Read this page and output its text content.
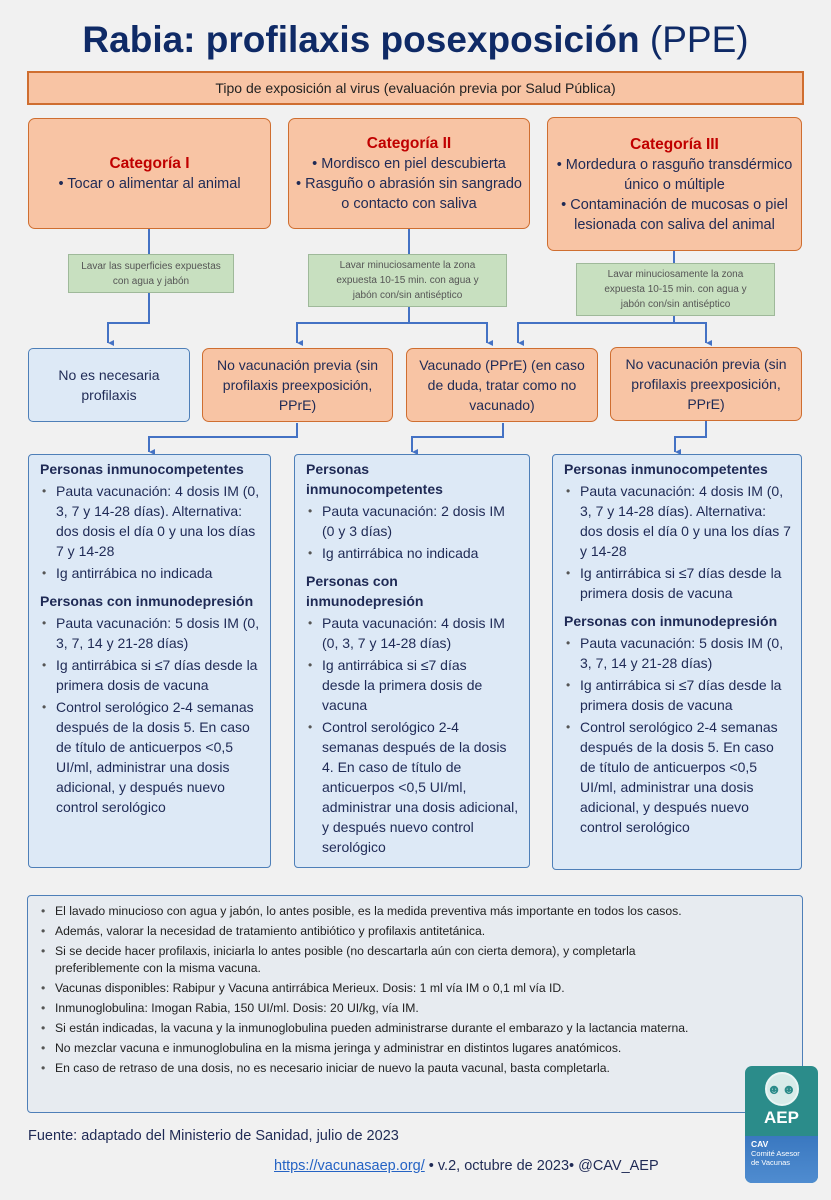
Rabia: profilaxis posexposición (PPE)
Tipo de exposición al virus (evaluación previa por Salud Pública)
Categoría I
• Tocar o alimentar al animal
Categoría II
• Mordisco en piel descubierta
• Rasguño o abrasión sin sangrado o contacto con saliva
Categoría III
• Mordedura o rasguño transdérmico único o múltiple
• Contaminación de mucosas o piel lesionada con saliva del animal
Lavar las superficies expuestas con agua y jabón
Lavar minuciosamente la zona expuesta 10-15 min. con agua y jabón con/sin antiséptico
Lavar minuciosamente la zona expuesta 10-15 min. con agua y jabón con/sin antiséptico
No es necesaria profilaxis
No vacunación previa (sin profilaxis preexposición, PPrE)
Vacunado (PPrE) (en caso de duda, tratar como no vacunado)
No vacunación previa (sin profilaxis preexposición, PPrE)
Personas inmunocompetentes
• Pauta vacunación: 4 dosis IM (0, 3, 7 y 14-28 días). Alternativa: dos dosis el día 0 y una los días 7 y 14-28
• Ig antirrábica no indicada
Personas con inmunodepresión
• Pauta vacunación: 5 dosis IM (0, 3, 7, 14 y 21-28 días)
• Ig antirrábica si ≤7 días desde la primera dosis de vacuna
• Control serológico 2-4 semanas después de la dosis 5. En caso de título de anticuerpos <0,5 UI/ml, administrar una dosis adicional, y después nuevo control serológico
Personas inmunocompetentes
• Pauta vacunación: 2 dosis IM (0 y 3 días)
• Ig antirrábica no indicada
Personas con inmunodepresión
• Pauta vacunación: 4 dosis IM (0, 3, 7 y 14-28 días)
• Ig antirrábica si ≤7 días desde la primera dosis de vacuna
• Control serológico 2-4 semanas después de la dosis 4. En caso de título de anticuerpos <0,5 UI/ml, administrar una dosis adicional, y después nuevo control serológico
Personas inmunocompetentes
• Pauta vacunación: 4 dosis IM (0, 3, 7 y 14-28 días). Alternativa: dos dosis el día 0 y una los días 7 y 14-28
• Ig antirrábica si ≤7 días desde la primera dosis de vacuna
Personas con inmunodepresión
• Pauta vacunación: 5 dosis IM (0, 3, 7, 14 y 21-28 días)
• Ig antirrábica si ≤7 días desde la primera dosis de vacuna
• Control serológico 2-4 semanas después de la dosis 5. En caso de título de anticuerpos <0,5 UI/ml, administrar una dosis adicional, y después nuevo control serológico
• El lavado minucioso con agua y jabón, lo antes posible, es la medida preventiva más importante en todos los casos.
• Además, valorar la necesidad de tratamiento antibiótico y profilaxis antitetánica.
• Si se decide hacer profilaxis, iniciarla lo antes posible (no descartarla aún con cierta demora), y completarla preferiblemente con la misma vacuna.
• Vacunas disponibles: Rabipur y Vacuna antirrábica Merieux. Dosis: 1 ml vía IM o 0,1 ml vía ID.
• Inmunoglobulina: Imogan Rabia, 150 UI/ml. Dosis: 20 UI/kg, vía IM.
• Si están indicadas, la vacuna y la inmunoglobulina pueden administrarse durante el embarazo y la lactancia materna.
• No mezclar vacuna e inmunoglobulina en la misma jeringa y administrar en distintos lugares anatómicos.
• En caso de retraso de una dosis, no es necesario iniciar de nuevo la pauta vacunal, basta completarla.
☻☻
AEP
CAV
Comité Asesor
de Vacunas
Fuente: adaptado del Ministerio de Sanidad, julio de 2023
https://vacunasaep.org/ • v.2, octubre de 2023• @CAV_AEP
